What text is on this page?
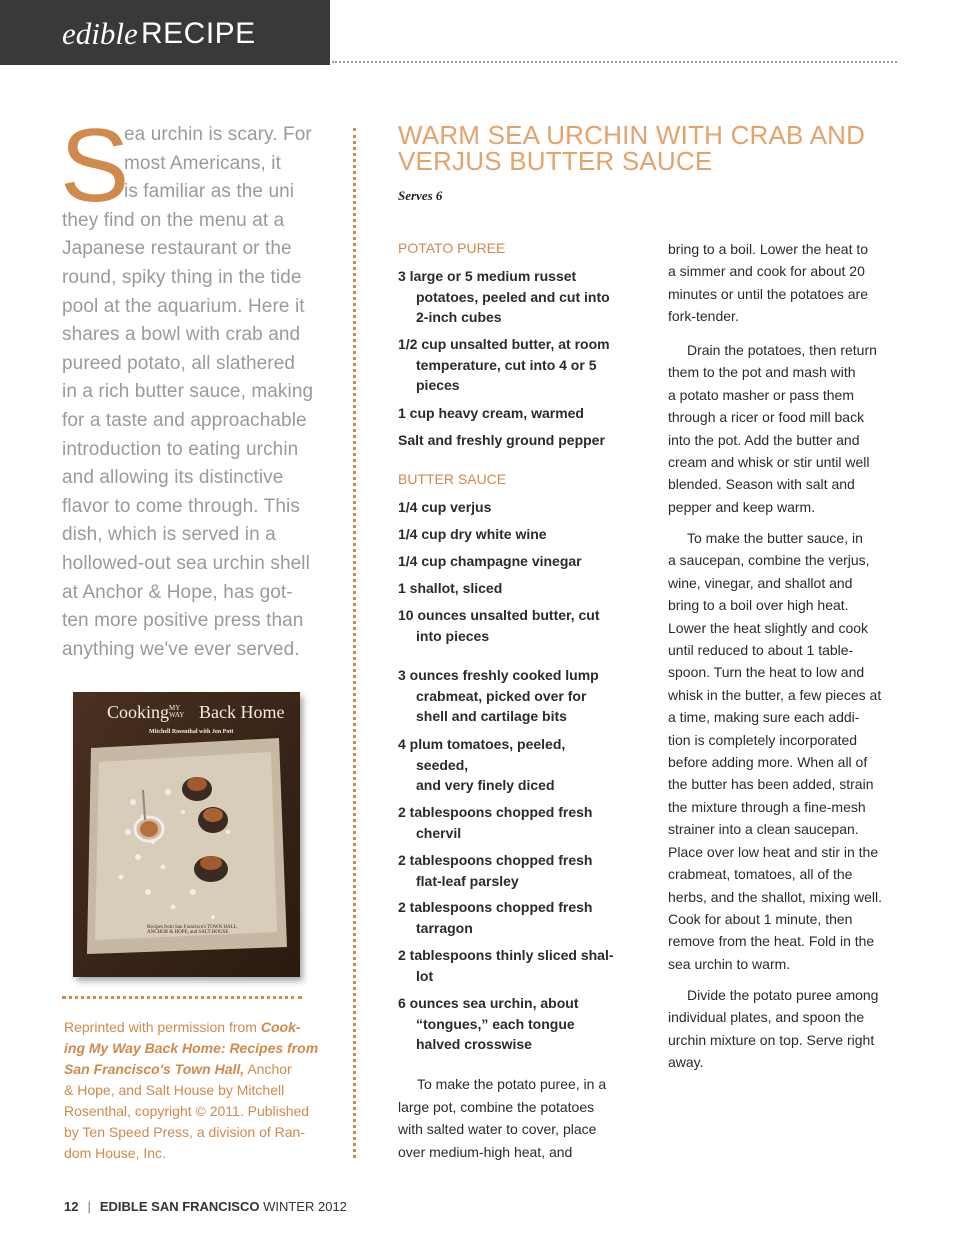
edible RECIPE
S
ea urchin is scary. For
most Americans, it
is familiar as the uni
they find on the menu at a
Japanese restaurant or the
round, spiky thing in the tide
pool at the aquarium. Here it
shares a bowl with crab and
pureed potato, all slathered
in a rich butter sauce, making
for a taste and approachable
introduction to eating urchin
and allowing its distinctive
flavor to come through. This
dish, which is served in a
hollowed-out sea urchin shell
at Anchor & Hope, has got-
ten more positive press than
anything we've ever served.
Cooking Back Home
MY
WAY
Mitchell Rosenthal with Jon Pott
Recipes from San Francisco's TOWN HALL,
ANCHOR & HOPE, and SALT HOUSE
Reprinted with permission from Cook-
ing My Way Back Home: Recipes from
San Francisco's Town Hall, Anchor
& Hope, and Salt House by Mitchell
Rosenthal, copyright © 2011. Published
by Ten Speed Press, a division of Ran-
dom House, Inc.
WARM SEA URCHIN WITH CRAB AND
VERJUS BUTTER SAUCE
Serves 6
POTATO PUREE
3 large or 5 medium russet
potatoes, peeled and cut into
2-inch cubes
1/2 cup unsalted butter, at room
temperature, cut into 4 or 5
pieces
1 cup heavy cream, warmed
Salt and freshly ground pepper
BUTTER SAUCE
1/4 cup verjus
1/4 cup dry white wine
1/4 cup champagne vinegar
1 shallot, sliced
10 ounces unsalted butter, cut
into pieces
3 ounces freshly cooked lump
crabmeat, picked over for
shell and cartilage bits
4 plum tomatoes, peeled,
seeded,
and very finely diced
2 tablespoons chopped fresh
chervil
2 tablespoons chopped fresh
flat-leaf parsley
2 tablespoons chopped fresh
tarragon
2 tablespoons thinly sliced shal-
lot
6 ounces sea urchin, about
“tongues,” each tongue
halved crosswise
To make the potato puree, in a
large pot, combine the potatoes
with salted water to cover, place
over medium-high heat, and
bring to a boil. Lower the heat to
a simmer and cook for about 20
minutes or until the potatoes are
fork-tender.
Drain the potatoes, then return
them to the pot and mash with
a potato masher or pass them
through a ricer or food mill back
into the pot. Add the butter and
cream and whisk or stir until well
blended. Season with salt and
pepper and keep warm.
To make the butter sauce, in
a saucepan, combine the verjus,
wine, vinegar, and shallot and
bring to a boil over high heat.
Lower the heat slightly and cook
until reduced to about 1 table-
spoon. Turn the heat to low and
whisk in the butter, a few pieces at
a time, making sure each addi-
tion is completely incorporated
before adding more. When all of
the butter has been added, strain
the mixture through a fine-mesh
strainer into a clean saucepan.
Place over low heat and stir in the
crabmeat, tomatoes, all of the
herbs, and the shallot, mixing well.
Cook for about 1 minute, then
remove from the heat. Fold in the
sea urchin to warm.
Divide the potato puree among
individual plates, and spoon the
urchin mixture on top. Serve right
away.
12 | EDIBLE SAN FRANCISCO WINTER 2012
